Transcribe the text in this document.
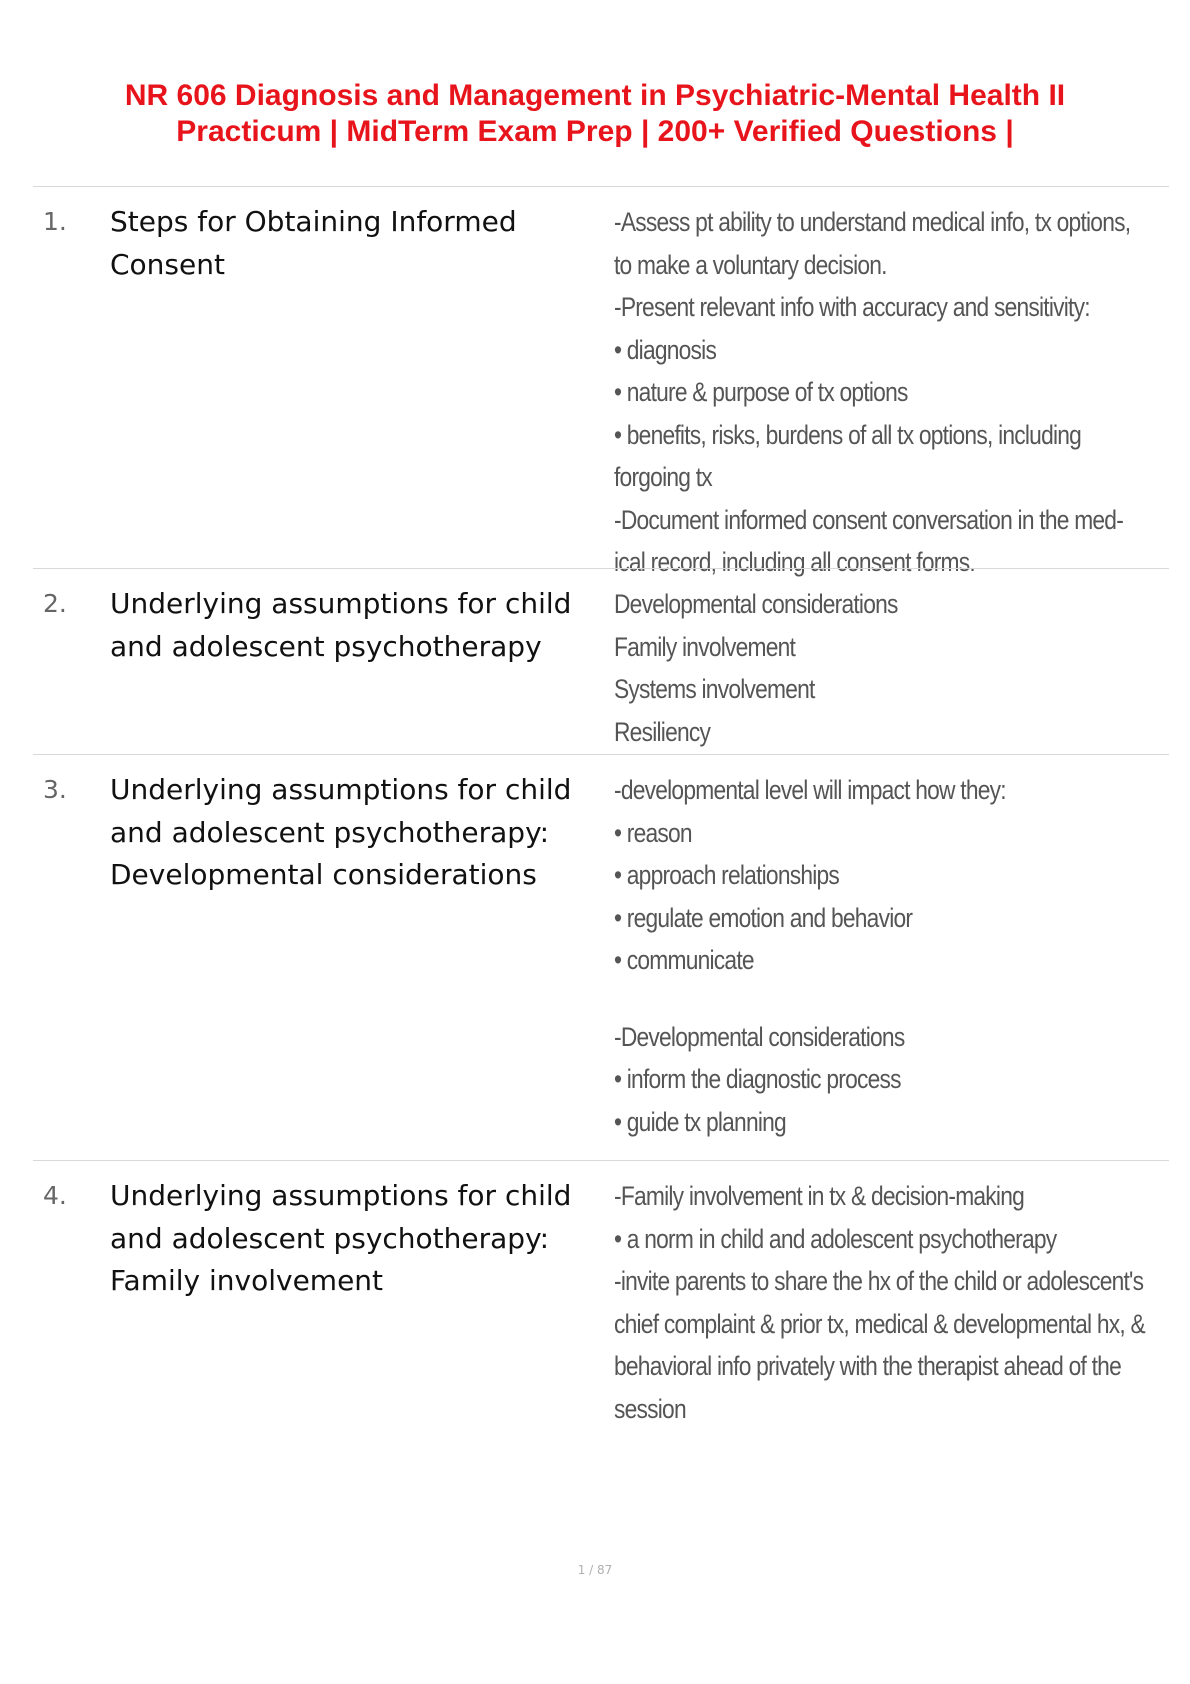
NR 606 Diagnosis and Management in Psychiatric-Mental Health II
Practicum | MidTerm Exam Prep | 200+ Verified Questions |
1. Steps for Obtaining Informed Consent
-Assess pt ability to understand medical info, tx options,
to make a voluntary decision.
-Present relevant info with accuracy and sensitivity:
• diagnosis
• nature & purpose of tx options
• benefits, risks, burdens of all tx options, including
forgoing tx
-Document informed consent conversation in the med-
ical record, including all consent forms.
2. Underlying assumptions for child and adolescent psychotherapy
Developmental considerations
Family involvement
Systems involvement
Resiliency
3. Underlying assumptions for child and adolescent psychotherapy: Developmental considerations
-developmental level will impact how they:
• reason
• approach relationships
• regulate emotion and behavior
• communicate
-Developmental considerations
• inform the diagnostic process
• guide tx planning
4. Underlying assumptions for child and adolescent psychotherapy: Family involvement
-Family involvement in tx & decision-making
• a norm in child and adolescent psychotherapy
-invite parents to share the hx of the child or adolescent's
chief complaint & prior tx, medical & developmental hx, &
behavioral info privately with the therapist ahead of the
session
1 / 87
